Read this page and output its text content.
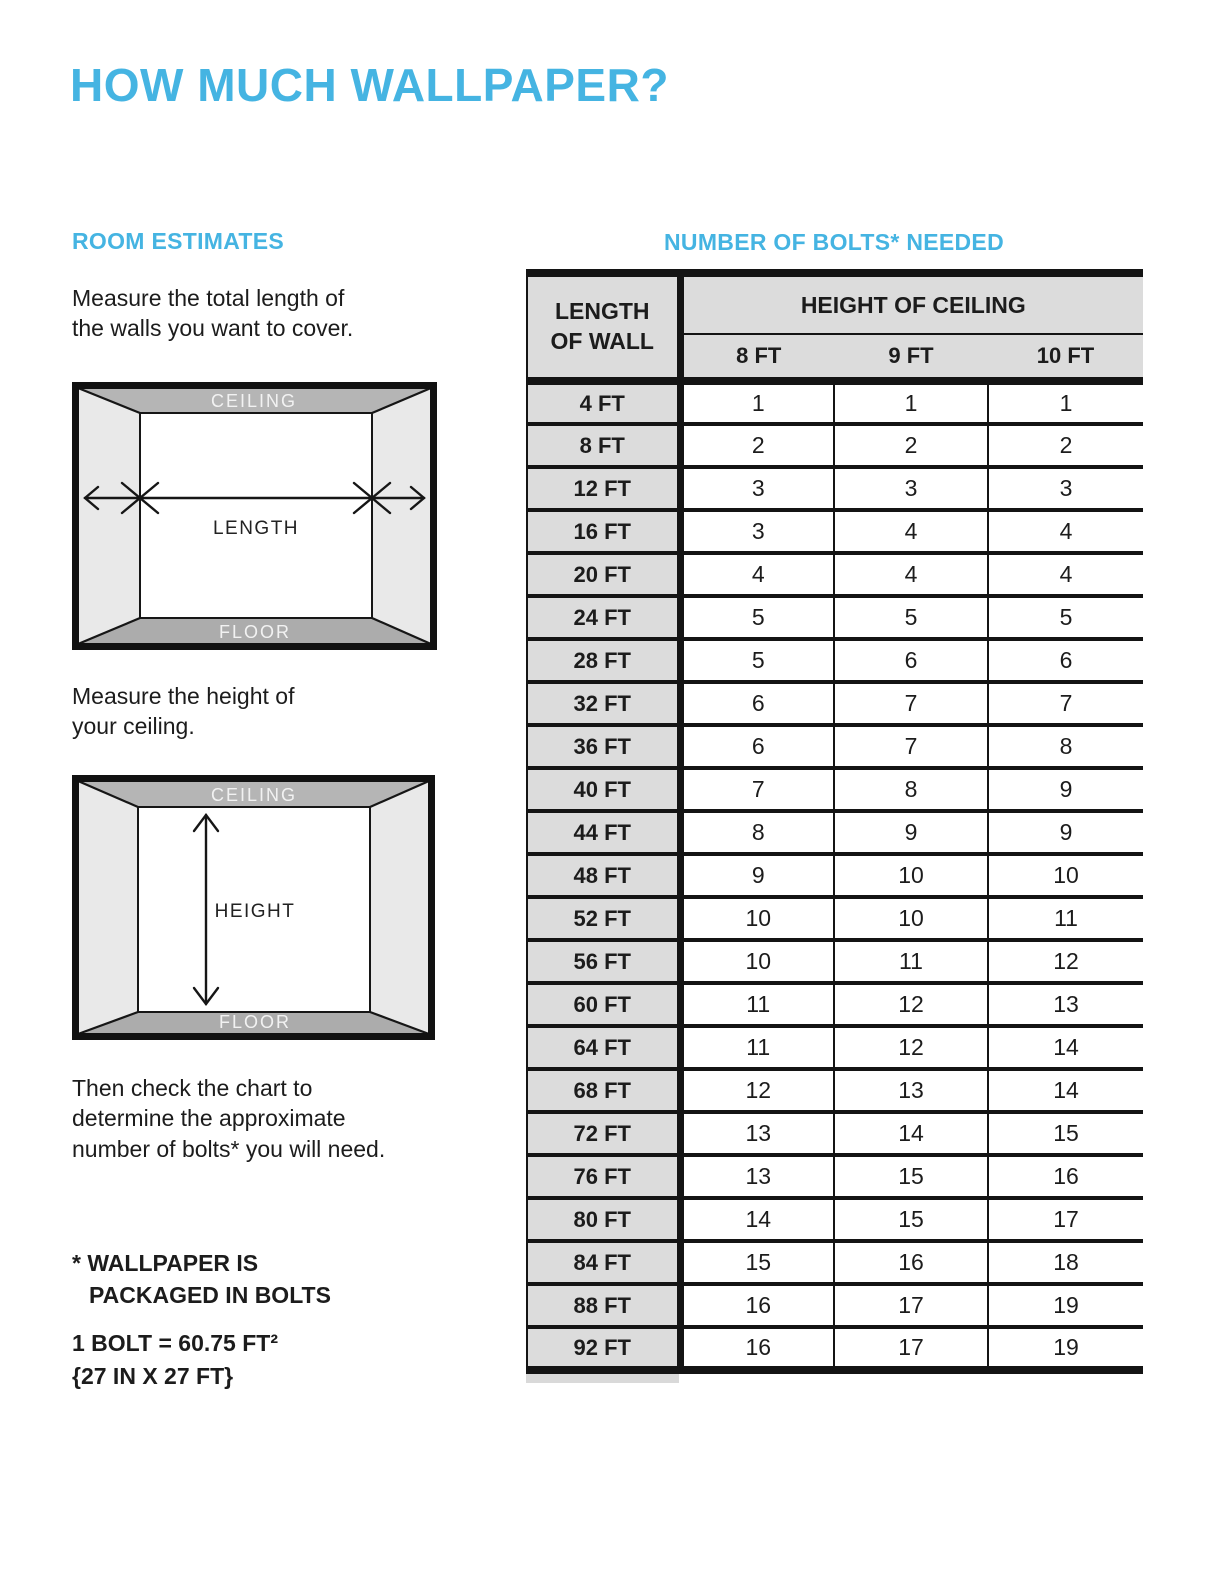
HOW MUCH WALLPAPER?
ROOM ESTIMATES

Measure the total length of
the walls you want to cover.

CEILING
FLOOR
LENGTH

Measure the height of
your ceiling.

CEILING
FLOOR
HEIGHT

Then check the chart to
determine the approximate
number of bolts* you will need.

* WALLPAPER IS
PACKAGED IN BOLTS

1 BOLT = 60.75 FT²

{27 IN X 27 FT}

NUMBER OF BOLTS* NEEDED
LENGTH
OF WALL	HEIGHT OF CEILING		
	8 FT	9 FT	10 FT
4 FT	1	1	1
8 FT	2	2	2
12 FT	3	3	3
16 FT	3	4	4
20 FT	4	4	4
24 FT	5	5	5
28 FT	5	6	6
32 FT	6	7	7
36 FT	6	7	8
40 FT	7	8	9
44 FT	8	9	9
48 FT	9	10	10
52 FT	10	10	11
56 FT	10	11	12
60 FT	11	12	13
64 FT	11	12	14
68 FT	12	13	14
72 FT	13	14	15
76 FT	13	15	16
80 FT	14	15	17
84 FT	15	16	18
88 FT	16	17	19
92 FT	16	17	19
